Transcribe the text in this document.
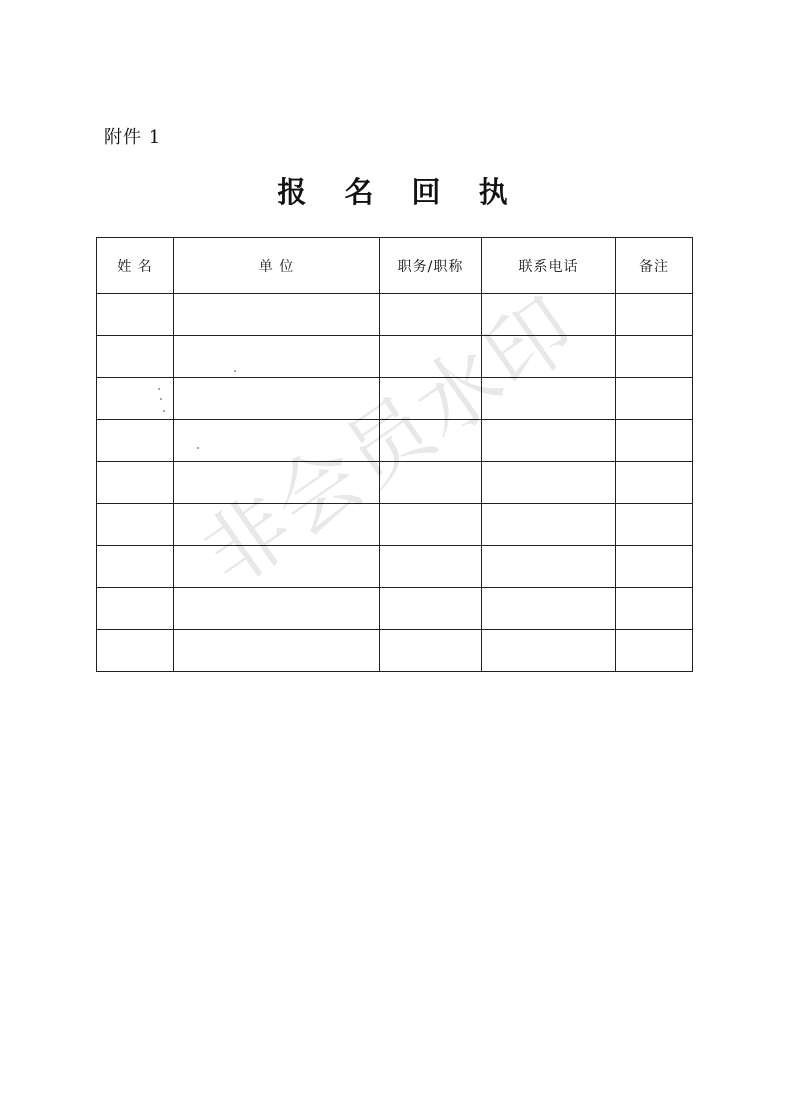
附件 1
报 名 回 执
姓 名	单 位	职务/职称	联系电话	备注

非会员水印
